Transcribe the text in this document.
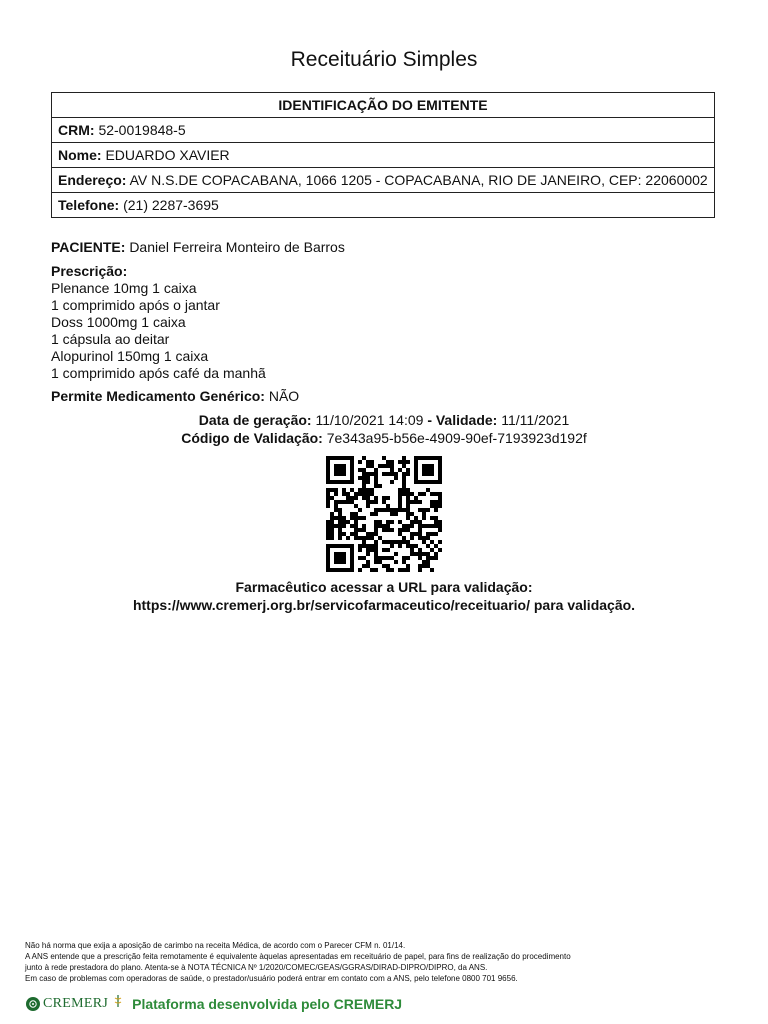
Receituário Simples
IDENTIFICAÇÃO DO EMITENTE
CRM: 52-0019848-5
Nome: EDUARDO XAVIER
Endereço: AV N.S.DE COPACABANA, 1066 1205 - COPACABANA, RIO DE JANEIRO, CEP: 22060002
Telefone: (21) 2287-3695
PACIENTE: Daniel Ferreira Monteiro de Barros
Prescrição:
Plenance 10mg 1 caixa
1 comprimido após o jantar
Doss 1000mg 1 caixa
1 cápsula ao deitar
Alopurinol 150mg 1 caixa
1 comprimido após café da manhã
Permite Medicamento Genérico: NÃO
Data de geração: 11/10/2021 14:09 - Validade: 11/11/2021
Código de Validação: 7e343a95-b56e-4909-90ef-7193923d192f
Farmacêutico acessar a URL para validação:
https://www.cremerj.org.br/servicofarmaceutico/receituario/ para validação.
Não há norma que exija a aposição de carimbo na receita Médica, de acordo com o Parecer CFM n. 01/14.
A ANS entende que a prescrição feita remotamente é equivalente àquelas apresentadas em receituário de papel, para fins de realização do procedimento
junto à rede prestadora do plano. Atenta-se à NOTA TÉCNICA Nº 1/2020/COMEC/GEAS/GGRAS/DIRAD-DIPRO/DIPRO, da ANS.
Em caso de problemas com operadoras de saúde, o prestador/usuário poderá entrar em contato com a ANS, pelo telefone 0800 701 9656.
CREMERJ Plataforma desenvolvida pelo CREMERJ
